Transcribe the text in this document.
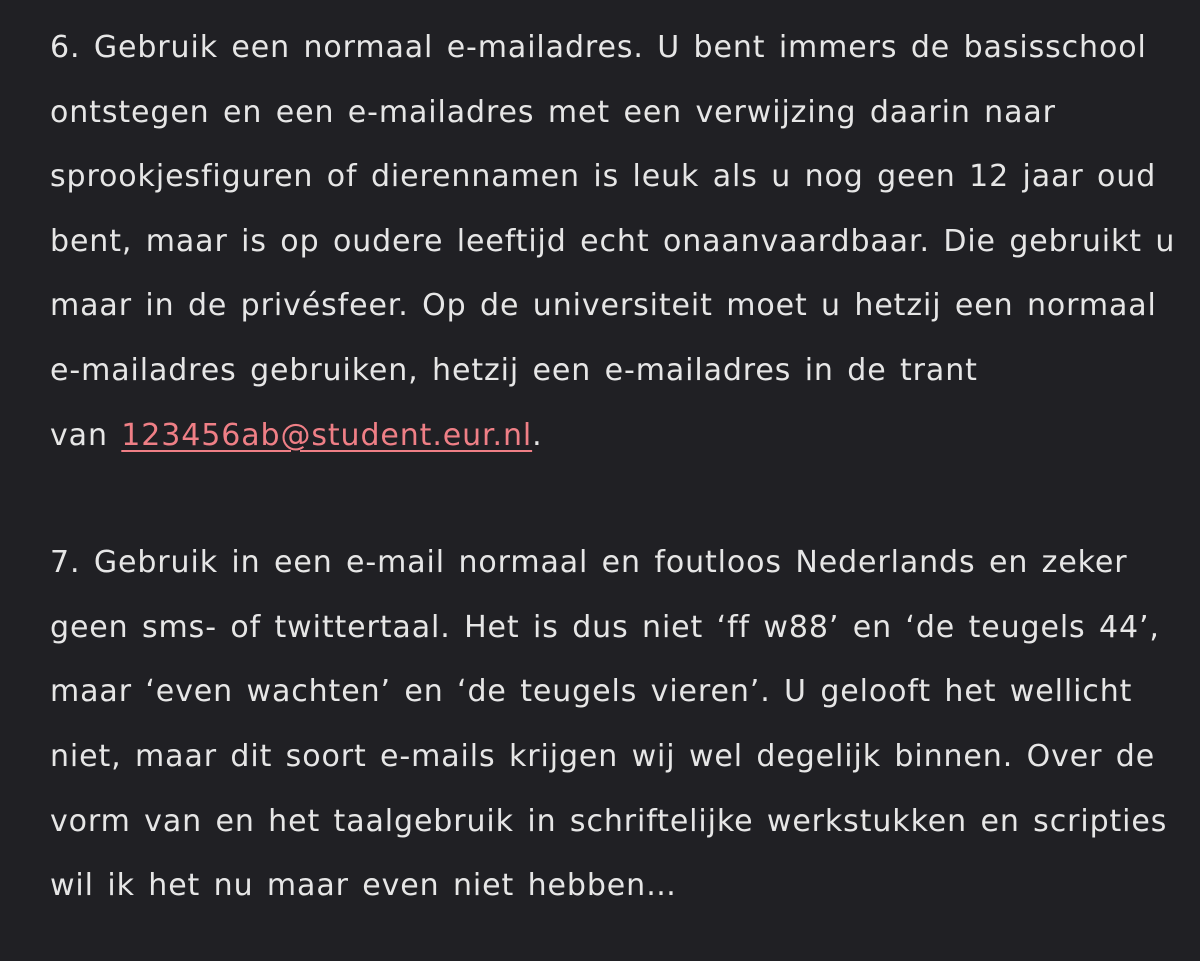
6. Gebruik een normaal e-mailadres. U bent immers de basisschool
ontstegen en een e-mailadres met een verwijzing daarin naar
sprookjesfiguren of dierennamen is leuk als u nog geen 12 jaar oud
bent, maar is op oudere leeftijd echt onaanvaardbaar. Die gebruikt u
maar in de privésfeer. Op de universiteit moet u hetzij een normaal
e-mailadres gebruiken, hetzij een e-mailadres in de trant
van 123456ab@student.eur.nl.

7. Gebruik in een e-mail normaal en foutloos Nederlands en zeker
geen sms- of twittertaal. Het is dus niet ‘ff w88’ en ‘de teugels 44’,
maar ‘even wachten’ en ‘de teugels vieren’. U gelooft het wellicht
niet, maar dit soort e-mails krijgen wij wel degelijk binnen. Over de
vorm van en het taalgebruik in schriftelijke werkstukken en scripties
wil ik het nu maar even niet hebben…
